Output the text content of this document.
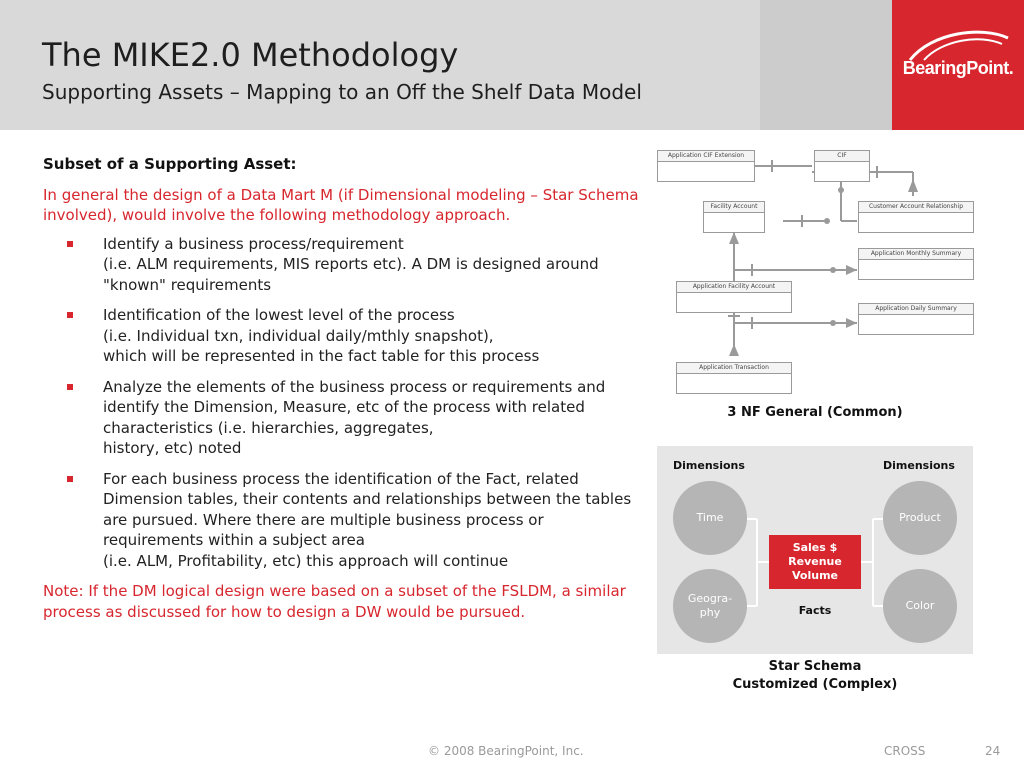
BearingPoint.
The MIKE2.0 Methodology
Supporting Assets – Mapping to an Off the Shelf Data Model
Subset of a Supporting Asset:
In general the design of a Data Mart M (if Dimensional modeling – Star Schema involved), would involve the following methodology approach.
Identify a business process/requirement
(i.e. ALM requirements, MIS reports etc). A DM is designed around "known" requirements
Identification of the lowest level of the process
(i.e. Individual txn, individual daily/mthly snapshot),
which will be represented in the fact table for this process
Analyze the elements of the business process or requirements and identify the Dimension, Measure, etc of the process with related characteristics (i.e. hierarchies, aggregates,
history, etc) noted
For each business process the identification of the Fact, related Dimension tables, their contents and relationships between the tables are pursued. Where there are multiple business process or requirements within a subject area
(i.e. ALM, Profitability, etc) this approach will continue
Note: If the DM logical design were based on a subset of the FSLDM, a similar process as discussed for how to design a DW would be pursued.
Application CIF Extension	CIF
Facility Account	Customer Account Relationship
Application Monthly Summary
Application Facility Account
Application Daily Summary
Application Transaction
3 NF General (Common)
Dimensions	Dimensions
Time
Geogra-
phy
Product
Color
Sales $
Revenue
Volume
Facts
Star Schema
Customized (Complex)
© 2008 BearingPoint, Inc.	CROSS	24
